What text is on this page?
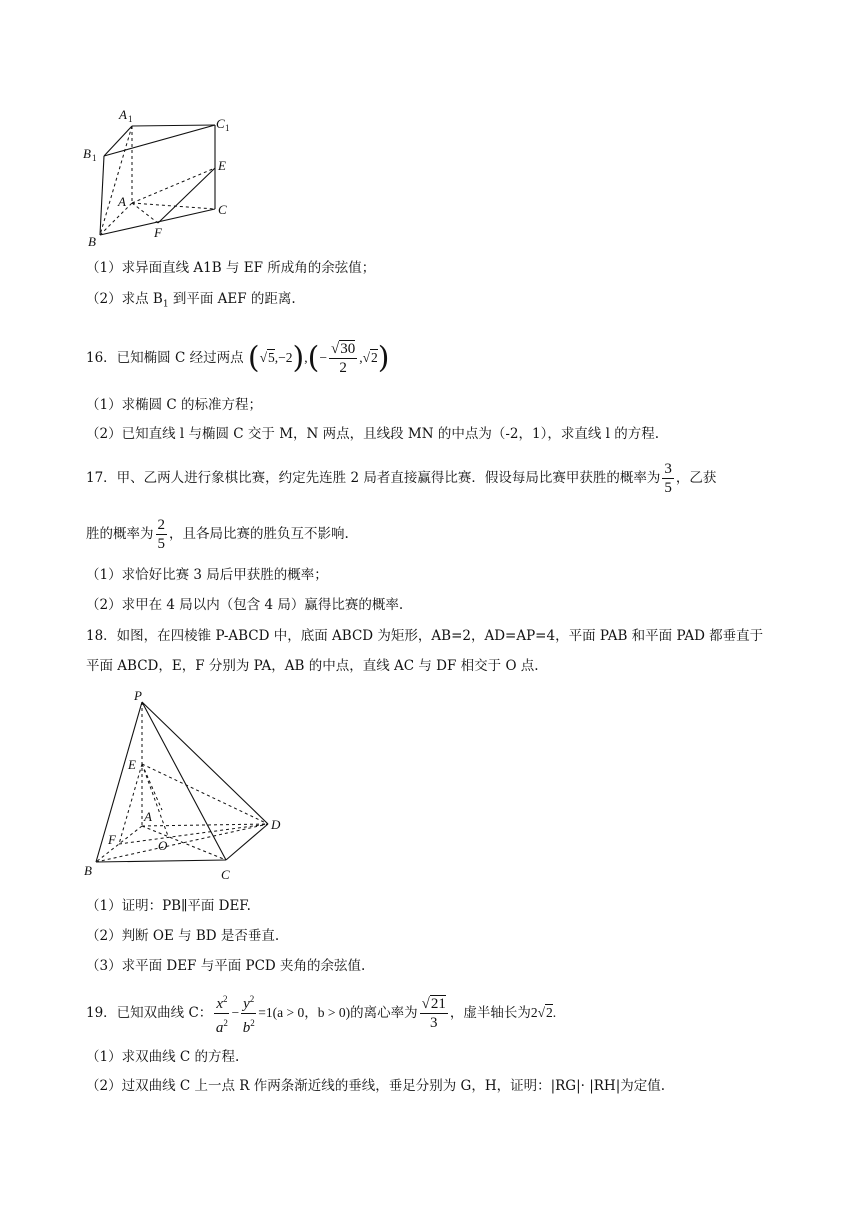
A 1	C 1
B 1	E
A
C
B
F
（1）求异面直线 A1B 与 EF 所成角的余弦值；
（2）求点 $B_1$ 到平面 AEF 的距离.
16．已知椭圆 C 经过两点 $(√5,-2),(- \frac{√30}{2} ,√2)$
（1）求椭圆 C 的标准方程；
（2）已知直线 l 与椭圆 C 交于 M，N 两点，且线段 MN 的中点为（-2，1），求直线 l 的方程.
17．甲、乙两人进行象棋比赛，约定先连胜 2 局者直接赢得比赛．假设每局比赛甲获胜的概率为 $\frac{3}{5}$ ，乙获
胜的概率为 $\frac{2}{5}$ ，且各局比赛的胜负互不影响.
（1）求恰好比赛 3 局后甲获胜的概率；
（2）求甲在 4 局以内（包含 4 局）赢得比赛的概率.
18．如图，在四棱锥 P-ABCD 中，底面 ABCD 为矩形，AB=2，AD=AP=4，平面 PAB 和平面 PAD 都垂直于
平面 ABCD，E，F 分别为 PA，AB 的中点，直线 AC 与 DF 相交于 O 点.
P
E
A
D
F	O
B	C
（1）证明：PB∥平面 DEF.
（2）判断 OE 与 BD 是否垂直.
（3）求平面 DEF 与平面 PCD 夹角的余弦值.
19．已知双曲线 C： $\frac{x^2}{a^2} - \frac{y^2}{b^2} =1(a > 0$，b > 0)的离心率为 $\frac{√21}{3}$ ，虚半轴长为2√2.
（1）求双曲线 C 的方程.
（2）过双曲线 C 上一点 R 作两条渐近线的垂线，垂足分别为 G，H，证明：|RG|· |RH|为定值.
